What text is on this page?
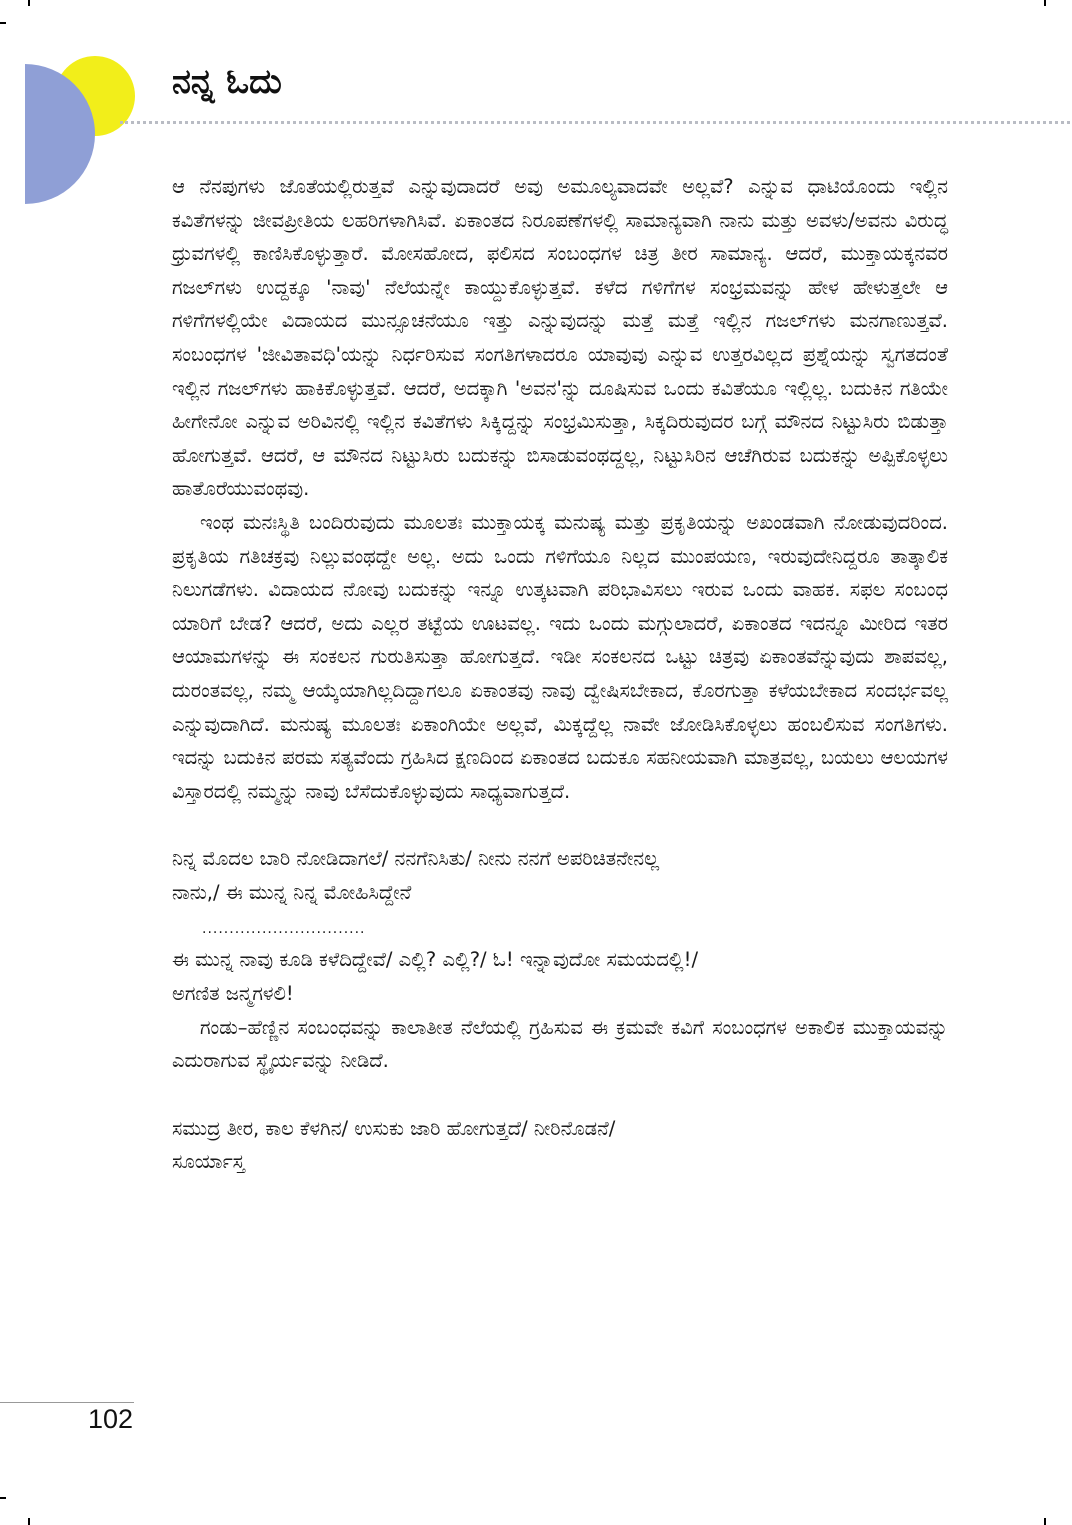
ನನ್ನ ಓದು

ಆ ನೆನಪುಗಳು ಜೊತೆಯಲ್ಲಿರುತ್ತವೆ ಎನ್ನುವುದಾದರೆ ಅವು ಅಮೂಲ್ಯವಾದವೇ ಅಲ್ಲವೆ? ಎನ್ನುವ ಧಾಟಿಯೊಂದು ಇಲ್ಲಿನ ಕವಿತೆಗಳನ್ನು ಜೀವಪ್ರೀತಿಯ ಲಹರಿಗಳಾಗಿಸಿವೆ. ಏಕಾಂತದ ನಿರೂಪಣೆಗಳಲ್ಲಿ ಸಾಮಾನ್ಯವಾಗಿ ನಾನು ಮತ್ತು ಅವಳು/ಅವನು ವಿರುದ್ಧ ಧ್ರುವಗಳಲ್ಲಿ ಕಾಣಿಸಿಕೊಳ್ಳುತ್ತಾರೆ. ಮೋಸಹೋದ, ಫಲಿಸದ ಸಂಬಂಧಗಳ ಚಿತ್ರ ತೀರ ಸಾಮಾನ್ಯ. ಆದರೆ, ಮುಕ್ತಾಯಕ್ಕನವರ ಗಜಲ್‌ಗಳು ಉದ್ದಕ್ಕೂ 'ನಾವು' ನೆಲೆಯನ್ನೇ ಕಾಯ್ದುಕೊಳ್ಳುತ್ತವೆ. ಕಳೆದ ಗಳಿಗೆಗಳ ಸಂಭ್ರಮವನ್ನು ಹೇಳ ಹೇಳುತ್ತಲೇ ಆ ಗಳಿಗೆಗಳಲ್ಲಿಯೇ ವಿದಾಯದ ಮುನ್ಸೂಚನೆಯೂ ಇತ್ತು ಎನ್ನುವುದನ್ನು ಮತ್ತೆ ಮತ್ತೆ ಇಲ್ಲಿನ ಗಜಲ್‌ಗಳು ಮನಗಾಣುತ್ತವೆ. ಸಂಬಂಧಗಳ 'ಜೀವಿತಾವಧಿ'ಯನ್ನು ನಿರ್ಧರಿಸುವ ಸಂಗತಿಗಳಾದರೂ ಯಾವುವು ಎನ್ನುವ ಉತ್ತರವಿಲ್ಲದ ಪ್ರಶ್ನೆಯನ್ನು ಸ್ವಗತದಂತೆ ಇಲ್ಲಿನ ಗಜಲ್‌ಗಳು ಹಾಕಿಕೊಳ್ಳುತ್ತವೆ. ಆದರೆ, ಅದಕ್ಕಾಗಿ 'ಅವನ'ನ್ನು ದೂಷಿಸುವ ಒಂದು ಕವಿತೆಯೂ ಇಲ್ಲಿಲ್ಲ. ಬದುಕಿನ ಗತಿಯೇ ಹೀಗೇನೋ ಎನ್ನುವ ಅರಿವಿನಲ್ಲಿ ಇಲ್ಲಿನ ಕವಿತೆಗಳು ಸಿಕ್ಕಿದ್ದನ್ನು ಸಂಭ್ರಮಿಸುತ್ತಾ, ಸಿಕ್ಕದಿರುವುದರ ಬಗ್ಗೆ ಮೌನದ ನಿಟ್ಟುಸಿರು ಬಿಡುತ್ತಾ ಹೋಗುತ್ತವೆ. ಆದರೆ, ಆ ಮೌನದ ನಿಟ್ಟುಸಿರು ಬದುಕನ್ನು ಬಿಸಾಡುವಂಥದ್ದಲ್ಲ, ನಿಟ್ಟುಸಿರಿನ ಆಚೆಗಿರುವ ಬದುಕನ್ನು ಅಪ್ಪಿಕೊಳ್ಳಲು ಹಾತೊರೆಯುವಂಥವು.

ಇಂಥ ಮನಃಸ್ಥಿತಿ ಬಂದಿರುವುದು ಮೂಲತಃ ಮುಕ್ತಾಯಕ್ಕ ಮನುಷ್ಯ ಮತ್ತು ಪ್ರಕೃತಿಯನ್ನು ಅಖಂಡವಾಗಿ ನೋಡುವುದರಿಂದ. ಪ್ರಕೃತಿಯ ಗತಿಚಕ್ರವು ನಿಲ್ಲುವಂಥದ್ದೇ ಅಲ್ಲ. ಅದು ಒಂದು ಗಳಿಗೆಯೂ ನಿಲ್ಲದ ಮುಂಪಯಣ, ಇರುವುದೇನಿದ್ದರೂ ತಾತ್ಕಾಲಿಕ ನಿಲುಗಡೆಗಳು. ವಿದಾಯದ ನೋವು ಬದುಕನ್ನು ಇನ್ನೂ ಉತ್ಕಟವಾಗಿ ಪರಿಭಾವಿಸಲು ಇರುವ ಒಂದು ವಾಹಕ. ಸಫಲ ಸಂಬಂಧ ಯಾರಿಗೆ ಬೇಡ? ಆದರೆ, ಅದು ಎಲ್ಲರ ತಟ್ಟೆಯ ಊಟವಲ್ಲ. ಇದು ಒಂದು ಮಗ್ಗುಲಾದರೆ, ಏಕಾಂತದ ಇದನ್ನೂ ಮೀರಿದ ಇತರ ಆಯಾಮಗಳನ್ನು ಈ ಸಂಕಲನ ಗುರುತಿಸುತ್ತಾ ಹೋಗುತ್ತದೆ. ಇಡೀ ಸಂಕಲನದ ಒಟ್ಟು ಚಿತ್ರವು ಏಕಾಂತವೆನ್ನುವುದು ಶಾಪವಲ್ಲ, ದುರಂತವಲ್ಲ, ನಮ್ಮ ಆಯ್ಕೆಯಾಗಿಲ್ಲದಿದ್ದಾಗಲೂ ಏಕಾಂತವು ನಾವು ದ್ವೇಷಿಸಬೇಕಾದ, ಕೊರಗುತ್ತಾ ಕಳೆಯಬೇಕಾದ ಸಂದರ್ಭವಲ್ಲ ಎನ್ನುವುದಾಗಿದೆ. ಮನುಷ್ಯ ಮೂಲತಃ ಏಕಾಂಗಿಯೇ ಅಲ್ಲವೆ, ಮಿಕ್ಕದ್ದೆಲ್ಲ ನಾವೇ ಜೋಡಿಸಿಕೊಳ್ಳಲು ಹಂಬಲಿಸುವ ಸಂಗತಿಗಳು. ಇದನ್ನು ಬದುಕಿನ ಪರಮ ಸತ್ಯವೆಂದು ಗ್ರಹಿಸಿದ ಕ್ಷಣದಿಂದ ಏಕಾಂತದ ಬದುಕೂ ಸಹನೀಯವಾಗಿ ಮಾತ್ರವಲ್ಲ, ಬಯಲು ಆಲಯಗಳ ವಿಸ್ತಾರದಲ್ಲಿ ನಮ್ಮನ್ನು ನಾವು ಬೆಸೆದುಕೊಳ್ಳುವುದು ಸಾಧ್ಯವಾಗುತ್ತದೆ.

ನಿನ್ನ ಮೊದಲ ಬಾರಿ ನೋಡಿದಾಗಲೆ/ ನನಗೆನಿಸಿತು/ ನೀನು ನನಗೆ ಅಪರಿಚಿತನೇನಲ್ಲ

ನಾನು,/ ಈ ಮುನ್ನ ನಿನ್ನ ಮೋಹಿಸಿದ್ದೇನೆ

..............................

ಈ ಮುನ್ನ ನಾವು ಕೂಡಿ ಕಳೆದಿದ್ದೇವೆ/ ಎಲ್ಲಿ? ಎಲ್ಲಿ?/ ಓ! ಇನ್ನಾವುದೋ ಸಮಯದಲ್ಲಿ!/

ಅಗಣಿತ ಜನ್ಮಗಳಲಿ!

ಗಂಡು–ಹೆಣ್ಣಿನ ಸಂಬಂಧವನ್ನು ಕಾಲಾತೀತ ನೆಲೆಯಲ್ಲಿ ಗ್ರಹಿಸುವ ಈ ಕ್ರಮವೇ ಕವಿಗೆ ಸಂಬಂಧಗಳ ಅಕಾಲಿಕ ಮುಕ್ತಾಯವನ್ನು ಎದುರಾಗುವ ಸ್ಥೈರ್ಯವನ್ನು ನೀಡಿದೆ.

ಸಮುದ್ರ ತೀರ, ಕಾಲ ಕೆಳಗಿನ/ ಉಸುಕು ಜಾರಿ ಹೋಗುತ್ತದೆ/ ನೀರಿನೊಡನೆ/

ಸೂರ್ಯಾಸ್ತ

102
